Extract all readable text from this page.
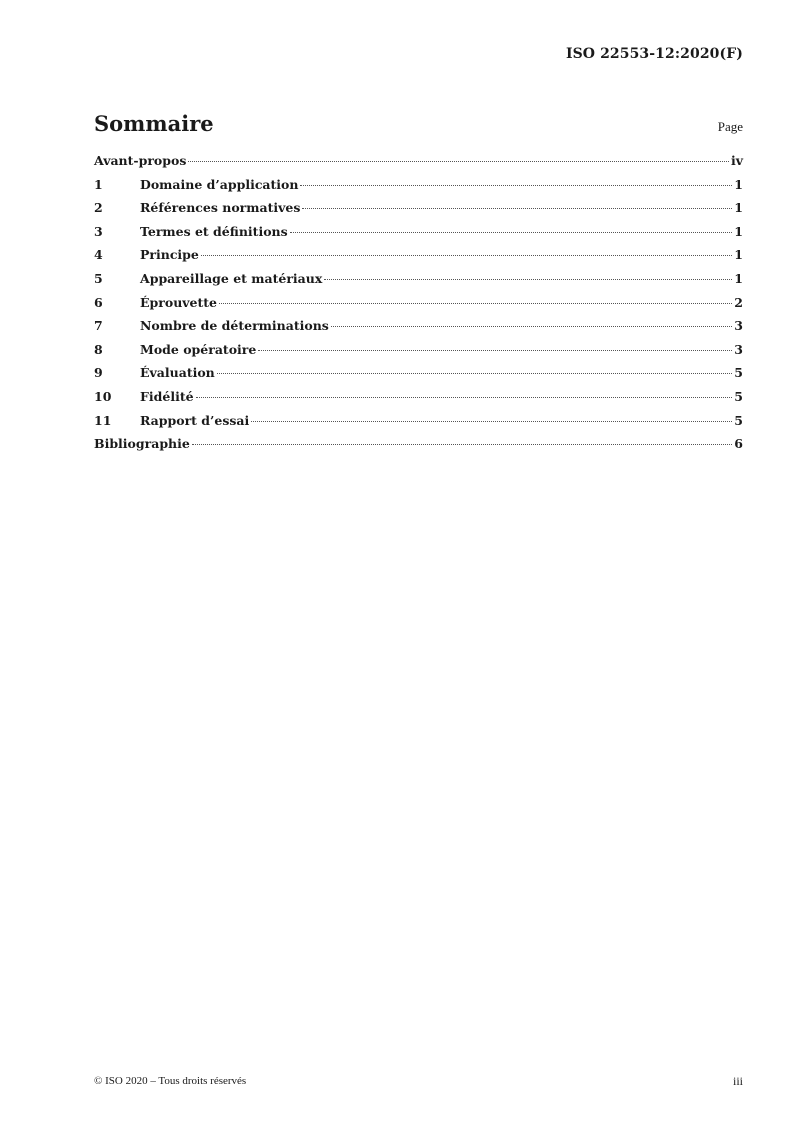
ISO 22553-12:2020(F)
Sommaire	Page
Avant-propos	iv
1	Domaine d’application	1
2	Références normatives	1
3	Termes et définitions	1
4	Principe	1
5	Appareillage et matériaux	1
6	Éprouvette	2
7	Nombre de déterminations	3
8	Mode opératoire	3
9	Évaluation	5
10	Fidélité	5
11	Rapport d’essai	5
Bibliographie	6
© ISO 2020 – Tous droits réservés	iii
